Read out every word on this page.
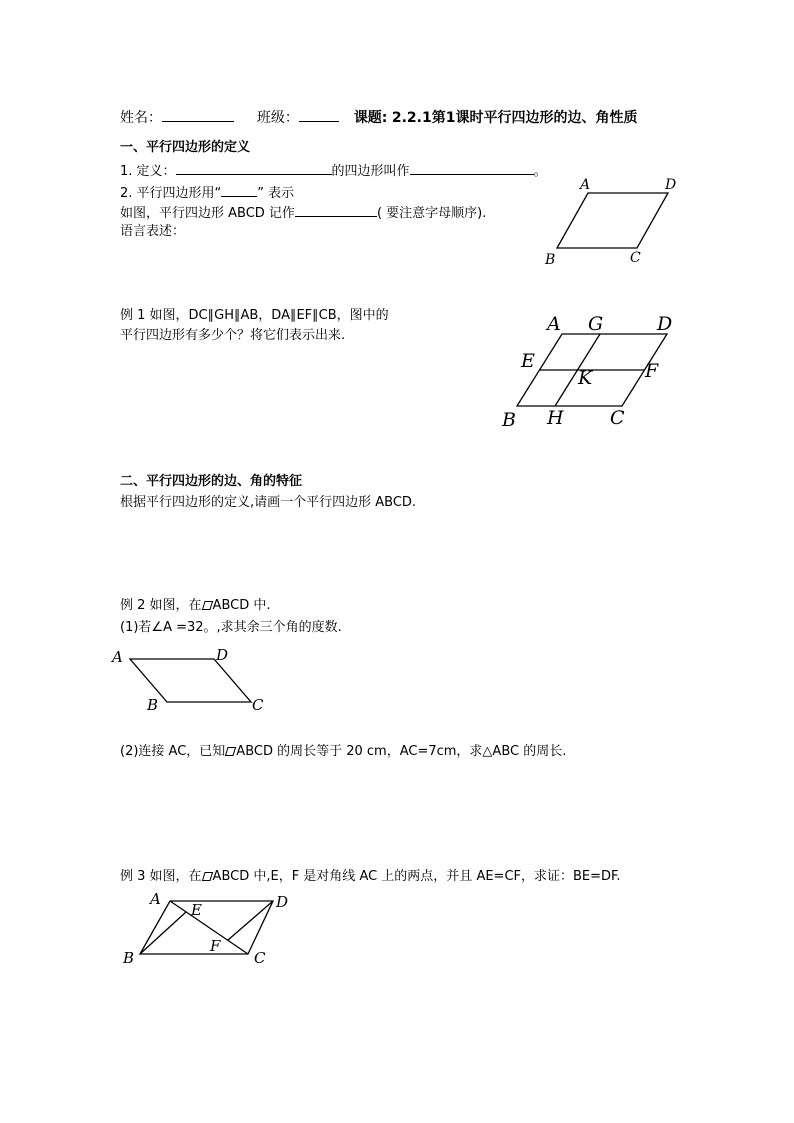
姓名：	班级：	课题: 2.2.1第1课时平行四边形的边、角性质
一、平行四边形的定义
1. 定义：	的四边形叫作	。
2. 平行四边形用“	” 表示
如图，平行四边形 ABCD 记作	( 要注意字母顺序).
语言表述：
A	D
B	C
例 1 如图，DC∥GH∥AB，DA∥EF∥CB，图中的
平行四边形有多少个？将它们表示出来.
A G	D
E
K	F
B H C
二、平行四边形的边、角的特征
根据平行四边形的定义,请画一个平行四边形 ABCD.
例 2 如图，在 ABCD 中.
(1)若∠A =32。,求其余三个角的度数.
A	D
B	C
(2)连接 AC，已知 ABCD 的周长等于 20 cm，AC=7cm，求△ABC 的周长.
例 3 如图，在 ABCD 中,E，F 是对角线 AC 上的两点，并且 AE=CF，求证：BE=DF.
A
E	D
F
B	C
